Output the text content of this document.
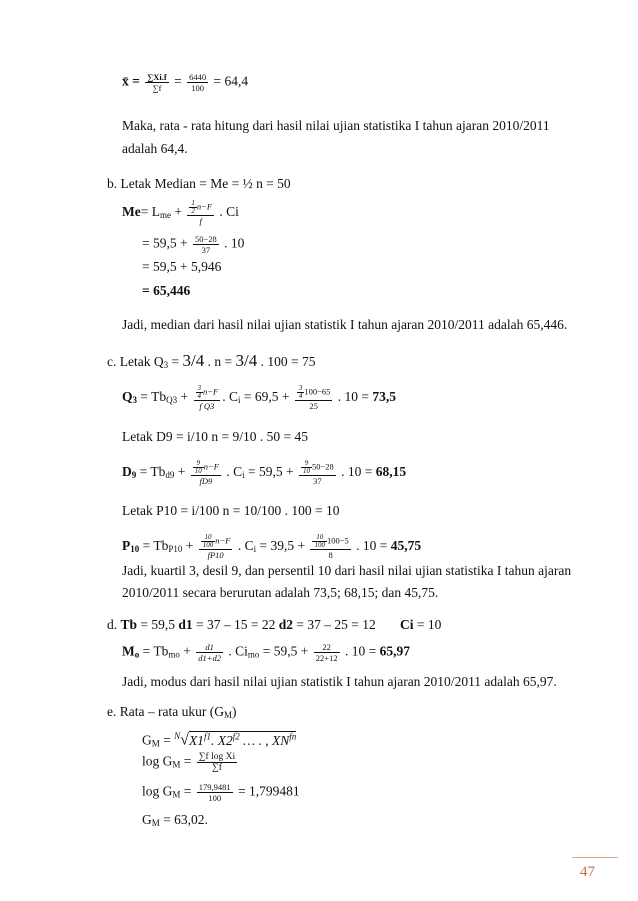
x̄ = $\frac{\sum Xi.f}{\sum f} = \frac{6440}{100} = 64,4$
Maka, rata - rata hitung dari hasil nilai ujian statistika I tahun ajaran 2010/2011
adalah 64,4.
b. Letak Median = Me = ½ n = 50
$Me= L_{me} + \frac{\frac{1}{2} n-F}{f}$ . Ci
= $59,5 + \frac{50-28}{37}$ . 10
= 59,5 + 5,946
= 65,446
Jadi, median dari hasil nilai ujian statistik I tahun ajaran 2010/2011 adalah 65,446.
c. Letak $Q_3 = 3/4$ . n = 3/4 . 100 = 75
$Q_3 = Tb_{Q3} + \frac{\frac{3}{4} n-F}{\text{f Q3}}$ . $C_i = 69,5 + \frac{\frac{3}{4} 100-65}{25}$ . 10 = 73,5
Letak D9 = i/10 n = 9/10 . 50 = 45
$D_9 = Tb_{d9} + \frac{\frac{9}{10} n-F}{fD9}$ . $C_i = 59,5 + \frac{\frac{9}{10} 50-28}{37}$ . 10 = 68,15
Letak P10 = i/100 n = 10/100 . 100 = 10
$P_{10} = Tb_{P10} + \frac{\frac{10}{100} n-F}{fP10}$ . $C_i = 39,5 + \frac{\frac{10}{100} 100-5}{8}$ . 10 = 45,75
Jadi, kuartil 3, desil 9, dan persentil 10 dari hasil nilai ujian statistika I tahun ajaran
2010/2011 secara berurutan adalah 73,5; 68,15; dan 45,75.
d. Tb = 59,5 d1 = 37 – 15 = 22 d2 = 37 – 25 = 12 Ci = 10
$M_o = Tb_{mo} + \frac{d1}{d1+d2}$ . $Ci_{mo} = 59,5 + \frac{22}{22+12}$ . 10 = 65,97
Jadi, modus dari hasil nilai ujian statistik I tahun ajaran 2010/2011 adalah 65,97.
e. Rata – rata ukur $(G_M)$
$G_M = ^N√X1^{f1}$. $X2^{f2}$ … . , $XN^{fn}$
$\log G_M = \frac{\text{∑f log Xi}}{\sum f}$
$\log G_M = \frac{179,9481}{100} = 1,799481$
$G_M = 63,02$.
47
